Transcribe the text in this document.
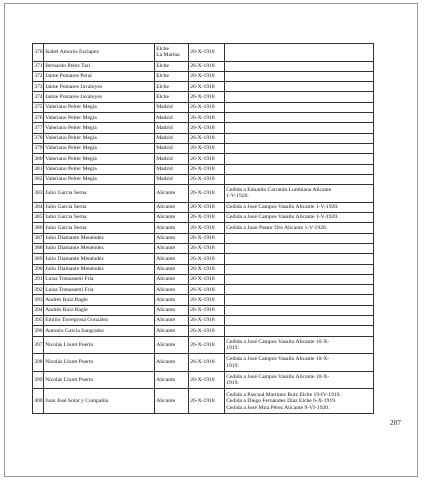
370	Isabel Amorós Esclapez	Elche
La Marina	26-X-1918	
371	Bernardo Pérez Tari	Elche	26-X-1918	
372	Jaime Pomares Peral	Elche	26-X-1918	
373	Jaime Pomares Javaloyes	Elche	26-X-1918	
374	Jaime Pomares Javaloyes	Elche	26-X-1918	
375	Valeriano Peiter Megía	Madrid	26-X-1918	
376	Valeriano Peiter Megía	Madrid	26-X-1918	
377	Valeriano Peiter Megía	Madrid	26-X-1918	
378	Valeriano Peiter Megía	Madrid	26-X-1918	
379	Valeriano Peiter Megía	Madrid	26-X-1918	
380	Valeriano Peiter Megía	Madrid	26-X-1918	
381	Valeriano Peiter Megía	Madrid	26-X-1918	
382	Valeriano Peiter Megía	Madrid	26-X-1918	
383	Julio García Serna	Alicante	26-X-1918	Cedida a Eduardo Carratón Lumbiana Alicante
1-V-1920.

384	Julio García Serna	Alicante	26-X-1918	Cedida a José Campos Vasallo Alicante 1-V-1920.

385	Julio García Serna	Alicante	26-X-1918	Cedida a José Campos Vasallo Alicante 1-V-1920.

386	Julio García Serna	Alicante	26-X-1918	Cedida a Juan Pastor Oro Alicante 1-V-1920.

387	Julio Diamante Menéndez	Alicante	26-X-1918	
388	Julio Diamante Menéndez	Alicante	26-X-1918	
389	Julio Diamante Menéndez	Alicante	26-X-1918	
390	Julio Diamante Menéndez	Alicante	26-X-1918	
391	Luisa Tomassetti Fría	Alicante	26-X-1918	
392	Luisa Tomassetti Fría	Alicante	26-X-1918	
393	Andrés Ruiz Bagle	Alicante	26-X-1918	
394	Andrés Ruiz Bagle	Alicante	26-X-1918	
395	Emilio Torregrosa González	Alicante	26-X-1918	
396	Antonio García Sangrador	Alicante	26-X-1918	
397	Nicolás Lloret Puerto	Alicante	26-X-1918	Cedida a José Campos Vasallo Alicante 10-X-
1919.

398	Nicolás Lloret Puerto	Alicante	26-X-1918	Cedida a José Campos Vasallo Alicante 10-X-
1919.

399	Nicolás Lloret Puerto	Alicante	26-X-1918	Cedida a José Campos Vasallo Alicante 10-X-
1919.

400	Juan José Solar y Compañía	Alicante	26-X-1918	Cedida a Pascual Martínez Ruiz Elche 19-IV-1919.
Cedida a Diego Fernández Díaz Elche 6-X-1919.
Cedida a José Mira Pérez Alicante 9-VI-1920.
207
